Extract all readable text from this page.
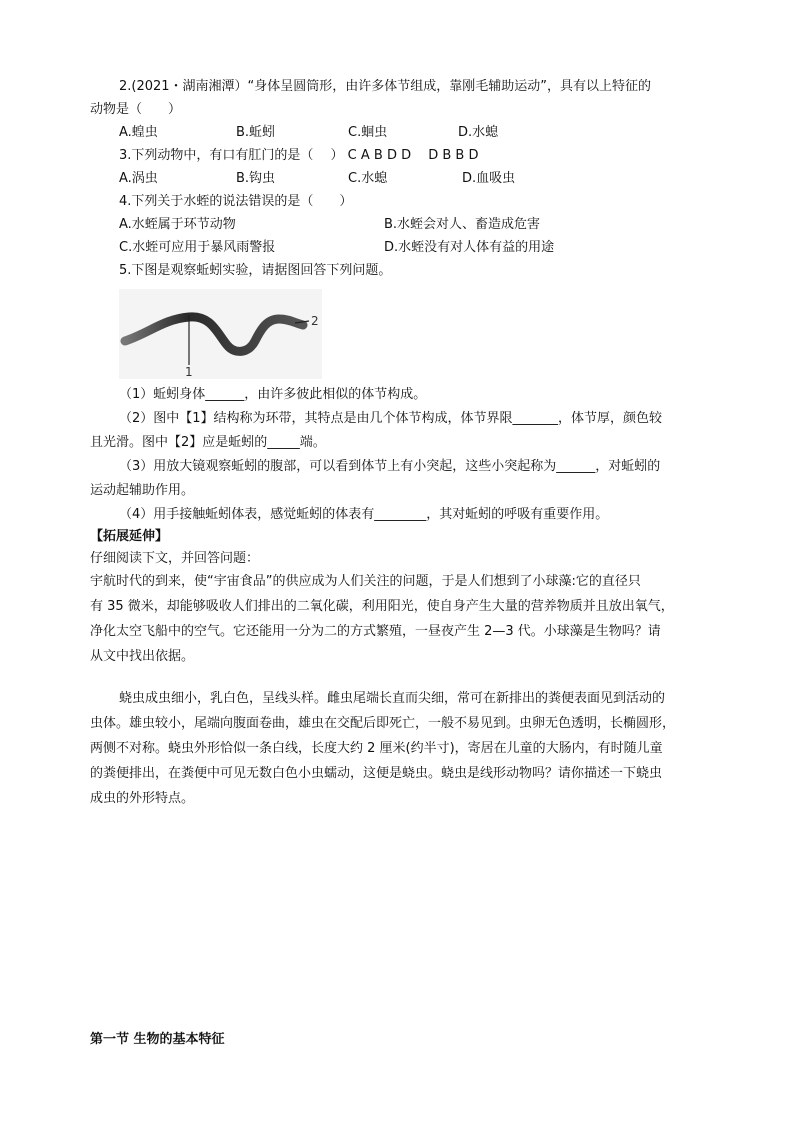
2.(2021・湖南湘潭）“身体呈圆筒形，由许多体节组成，靠刚毛辅助运动”，具有以上特征的
动物是（　　）
A.蝗虫	B.蚯蚓	C.蛔虫	D.水螅
3.下列动物中，有口有肛门的是（　 ） C A B D D　 D B B D
A.涡虫	B.钩虫	C.水螅	D.血吸虫
4.下列关于水蛭的说法错误的是（　　）
A.水蛭属于环节动物	B.水蛭会对人、畜造成危害
C.水蛭可应用于暴风雨警报	D.水蛭没有对人体有益的用途
5.下图是观察蚯蚓实验，请据图回答下列问题。
1
2
（1）蚯蚓身体______，由许多彼此相似的体节构成。
（2）图中【1】结构称为环带，其特点是由几个体节构成，体节界限_______，体节厚，颜色较
且光滑。图中【2】应是蚯蚓的_____端。
（3）用放大镜观察蚯蚓的腹部，可以看到体节上有小突起，这些小突起称为______，对蚯蚓的
运动起辅助作用。
（4）用手接触蚯蚓体表，感觉蚯蚓的体表有________，其对蚯蚓的呼吸有重要作用。
【拓展延伸】
仔细阅读下文，并回答问题：
宇航时代的到来，使“宇宙食品”的供应成为人们关注的问题，于是人们想到了小球藻:它的直径只
有 35 微米，却能够吸收人们排出的二氧化碳，利用阳光，使自身产生大量的营养物质并且放出氧气，
净化太空飞船中的空气。它还能用一分为二的方式繁殖，一昼夜产生 2—3 代。小球藻是生物吗？请
从文中找出依据。
蛲虫成虫细小，乳白色，呈线头样。雌虫尾端长直而尖细，常可在新排出的粪便表面见到活动的
虫体。雄虫较小，尾端向腹面卷曲，雄虫在交配后即死亡，一般不易见到。虫卵无色透明，长椭圆形，
两侧不对称。蛲虫外形恰似一条白线，长度大约 2 厘米(约半寸)，寄居在儿童的大肠内，有时随儿童
的粪便排出，在粪便中可见无数白色小虫蠕动，这便是蛲虫。蛲虫是线形动物吗？请你描述一下蛲虫
成虫的外形特点。
第一节 生物的基本特征
